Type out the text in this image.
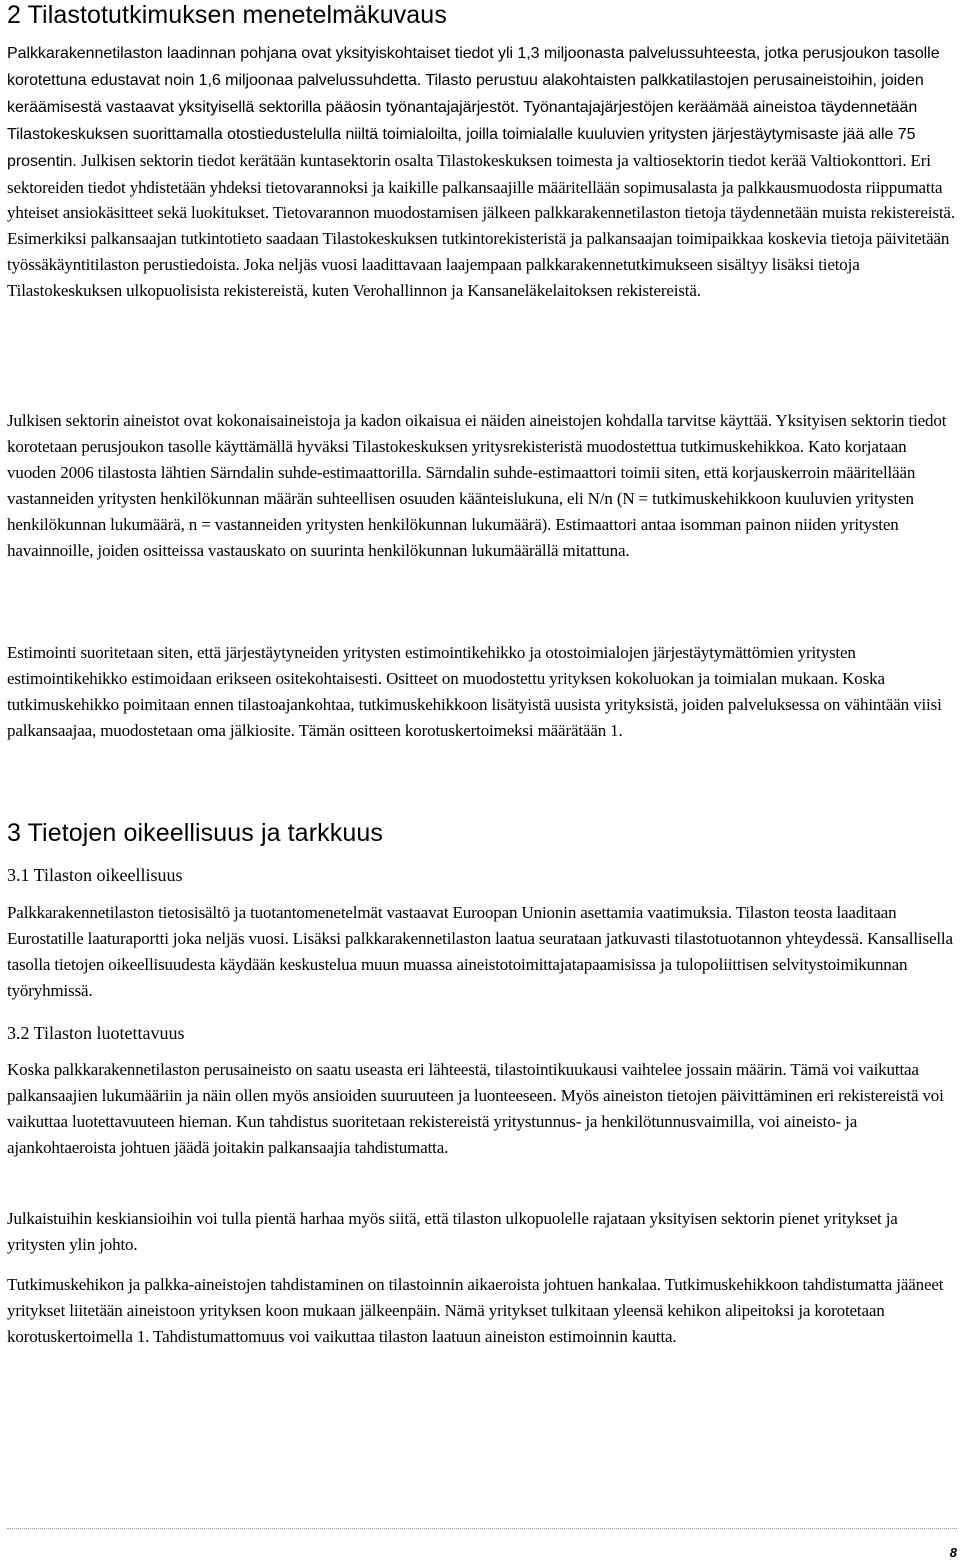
2 Tilastotutkimuksen menetelmäkuvaus

Palkkarakennetilaston laadinnan pohjana ovat yksityiskohtaiset tiedot yli 1,3 miljoonasta palvelussuhteesta, jotka perusjoukon tasolle korotettuna edustavat noin 1,6 miljoonaa palvelussuhdetta. Tilasto perustuu alakohtaisten palkkatilastojen perusaineistoihin, joiden keräämisestä vastaavat yksityisellä sektorilla pääosin työnantajajärjestöt. Työnantajajärjestöjen keräämää aineistoa täydennetään Tilastokeskuksen suorittamalla otostiedustelulla niiltä toimialoilta, joilla toimialalle kuuluvien yritysten järjestäytymisaste jää alle 75 prosentin. Julkisen sektorin tiedot kerätään kuntasektorin osalta Tilastokeskuksen toimesta ja valtiosektorin tiedot kerää Valtiokonttori. Eri sektoreiden tiedot yhdistetään yhdeksi tietovarannoksi ja kaikille palkansaajille määritellään sopimusalasta ja palkkausmuodosta riippumatta yhteiset ansiokäsitteet sekä luokitukset. Tietovarannon muodostamisen jälkeen palkkarakennetilaston tietoja täydennetään muista rekistereistä. Esimerkiksi palkansaajan tutkintotieto saadaan Tilastokeskuksen tutkintorekisteristä ja palkansaajan toimipaikkaa koskevia tietoja päivitetään työssäkäyntitilaston perustiedoista. Joka neljäs vuosi laadittavaan laajempaan palkkarakennetutkimukseen sisältyy lisäksi tietoja Tilastokeskuksen ulkopuolisista rekistereistä, kuten Verohallinnon ja Kansaneläkelaitoksen rekistereistä.

Julkisen sektorin aineistot ovat kokonaisaineistoja ja kadon oikaisua ei näiden aineistojen kohdalla tarvitse käyttää. Yksityisen sektorin tiedot korotetaan perusjoukon tasolle käyttämällä hyväksi Tilastokeskuksen yritysrekisteristä muodostettua tutkimuskehikkoa. Kato korjataan vuoden 2006 tilastosta lähtien Särndalin suhde-estimaattorilla. Särndalin suhde-estimaattori toimii siten, että korjauskerroin määritellään vastanneiden yritysten henkilökunnan määrän suhteellisen osuuden käänteislukuna, eli N/n (N = tutkimuskehikkoon kuuluvien yritysten henkilökunnan lukumäärä, n = vastanneiden yritysten henkilökunnan lukumäärä). Estimaattori antaa isomman painon niiden yritysten havainnoille, joiden ositteissa vastauskato on suurinta henkilökunnan lukumäärällä mitattuna.

Estimointi suoritetaan siten, että järjestäytyneiden yritysten estimointikehikko ja otostoimialojen järjestäytymättömien yritysten estimointikehikko estimoidaan erikseen ositekohtaisesti. Ositteet on muodostettu yrityksen kokoluokan ja toimialan mukaan. Koska tutkimuskehikko poimitaan ennen tilastoajankohtaa, tutkimuskehikkoon lisätyistä uusista yrityksistä, joiden palveluksessa on vähintään viisi palkansaajaa, muodostetaan oma jälkiosite. Tämän ositteen korotuskertoimeksi määrätään 1.

3 Tietojen oikeellisuus ja tarkkuus
3.1 Tilaston oikeellisuus

Palkkarakennetilaston tietosisältö ja tuotantomenetelmät vastaavat Euroopan Unionin asettamia vaatimuksia. Tilaston teosta laaditaan Eurostatille laaturaportti joka neljäs vuosi. Lisäksi palkkarakennetilaston laatua seurataan jatkuvasti tilastotuotannon yhteydessä. Kansallisella tasolla tietojen oikeellisuudesta käydään keskustelua muun muassa aineistotoimittajatapaamisissa ja tulopoliittisen selvitystoimikunnan työryhmissä.

3.2 Tilaston luotettavuus

Koska palkkarakennetilaston perusaineisto on saatu useasta eri lähteestä, tilastointikuukausi vaihtelee jossain määrin. Tämä voi vaikuttaa palkansaajien lukumääriin ja näin ollen myös ansioiden suuruuteen ja luonteeseen. Myös aineiston tietojen päivittäminen eri rekistereistä voi vaikuttaa luotettavuuteen hieman. Kun tahdistus suoritetaan rekistereistä yritystunnus- ja henkilötunnusvaimilla, voi aineisto- ja ajankohtaeroista johtuen jäädä joitakin palkansaajia tahdistumatta.

Julkaistuihin keskiansioihin voi tulla pientä harhaa myös siitä, että tilaston ulkopuolelle rajataan yksityisen sektorin pienet yritykset ja yritysten ylin johto.

Tutkimuskehikon ja palkka-aineistojen tahdistaminen on tilastoinnin aikaeroista johtuen hankalaa. Tutkimuskehikkoon tahdistumatta jääneet yritykset liitetään aineistoon yrityksen koon mukaan jälkeenpäin. Nämä yritykset tulkitaan yleensä kehikon alipeitoksi ja korotetaan korotuskertoimella 1. Tahdistumattomuus voi vaikuttaa tilaston laatuun aineiston estimoinnin kautta.

8
